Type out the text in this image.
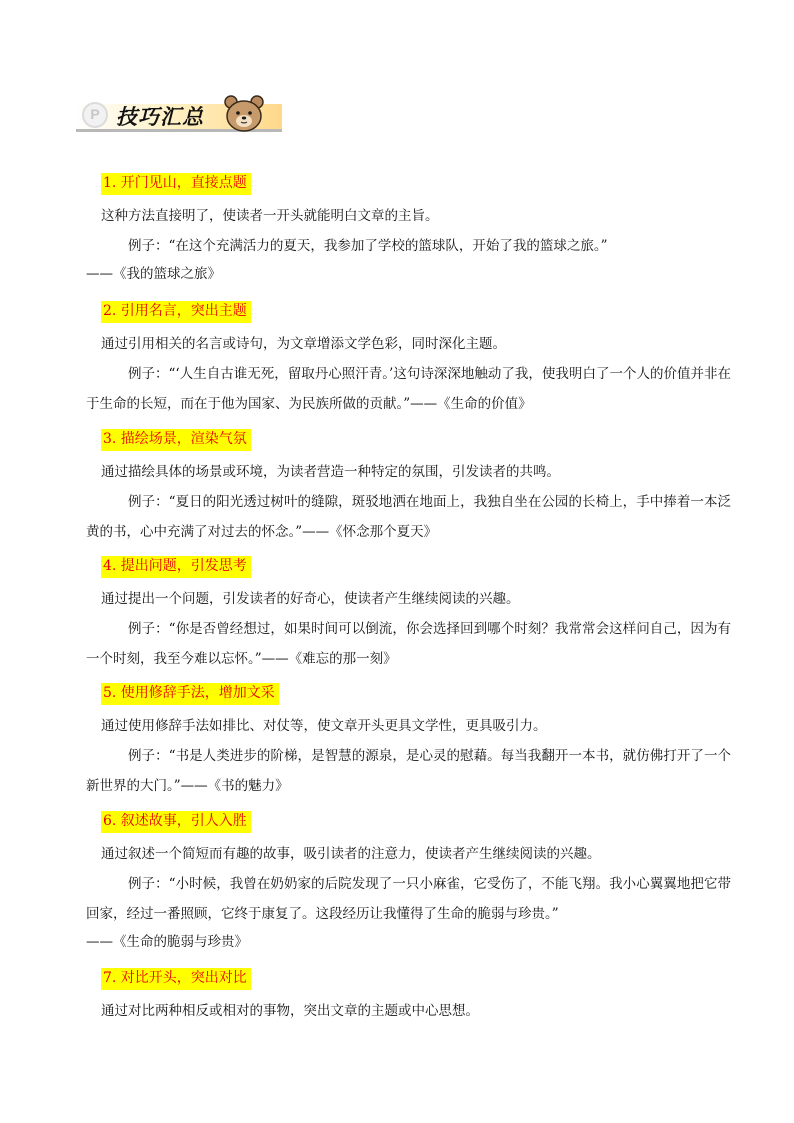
P
技巧汇总
1. 开门见山，直接点题

这种方法直接明了，使读者一开头就能明白文章的主旨。

例子：“在这个充满活力的夏天，我参加了学校的篮球队，开始了我的篮球之旅。”

——《我的篮球之旅》
2. 引用名言，突出主题

通过引用相关的名言或诗句，为文章增添文学色彩，同时深化主题。

例子：“‘人生自古谁无死，留取丹心照汗青。’这句诗深深地触动了我，使我明白了一个人的价值并非在于生命的长短，而在于他为国家、为民族所做的贡献。”——《生命的价值》

3. 描绘场景，渲染气氛

通过描绘具体的场景或环境，为读者营造一种特定的氛围，引发读者的共鸣。

例子：“夏日的阳光透过树叶的缝隙，斑驳地洒在地面上，我独自坐在公园的长椅上，手中捧着一本泛黄的书，心中充满了对过去的怀念。”——《怀念那个夏天》

4. 提出问题，引发思考

通过提出一个问题，引发读者的好奇心，使读者产生继续阅读的兴趣。

例子：“你是否曾经想过，如果时间可以倒流，你会选择回到哪个时刻？我常常会这样问自己，因为有一个时刻，我至今难以忘怀。”——《难忘的那一刻》

5. 使用修辞手法，增加文采

通过使用修辞手法如排比、对仗等，使文章开头更具文学性，更具吸引力。

例子：“书是人类进步的阶梯，是智慧的源泉，是心灵的慰藉。每当我翻开一本书，就仿佛打开了一个新世界的大门。”——《书的魅力》

6. 叙述故事，引人入胜

通过叙述一个简短而有趣的故事，吸引读者的注意力，使读者产生继续阅读的兴趣。

例子：“小时候，我曾在奶奶家的后院发现了一只小麻雀，它受伤了，不能飞翔。我小心翼翼地把它带回家，经过一番照顾，它终于康复了。这段经历让我懂得了生命的脆弱与珍贵。”

——《生命的脆弱与珍贵》
7. 对比开头，突出对比

通过对比两种相反或相对的事物，突出文章的主题或中心思想。
